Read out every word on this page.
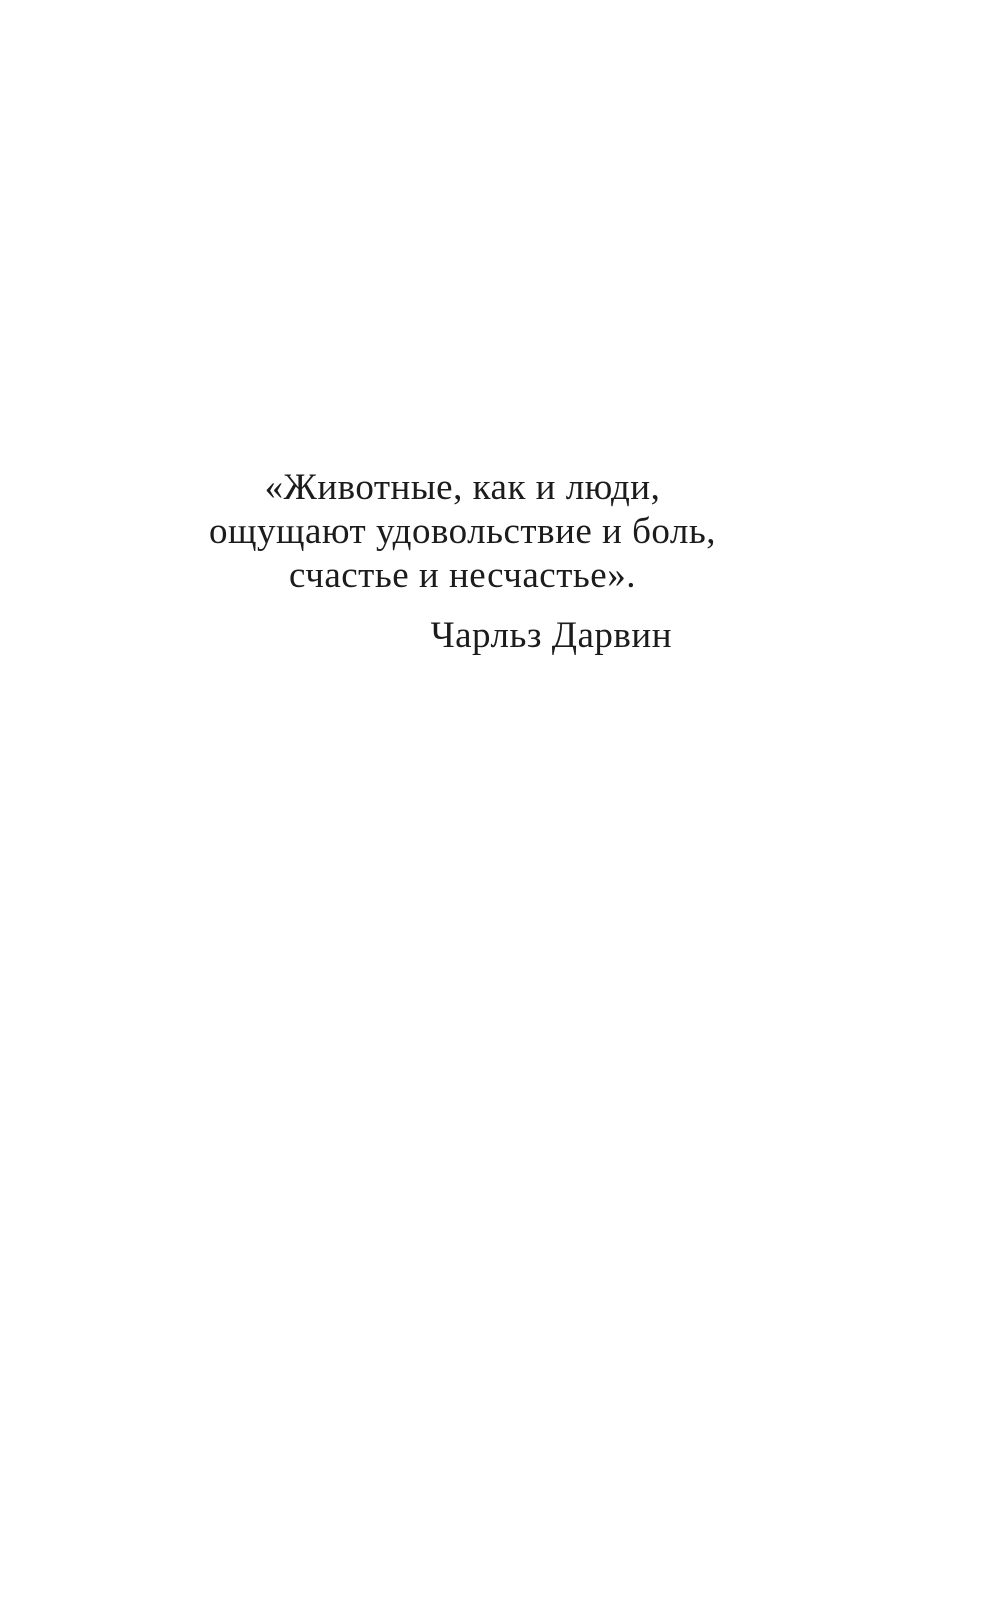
«Животные, как и люди,
ощущают удовольствие и боль,
счастье и несчастье».
Чарльз Дарвин
